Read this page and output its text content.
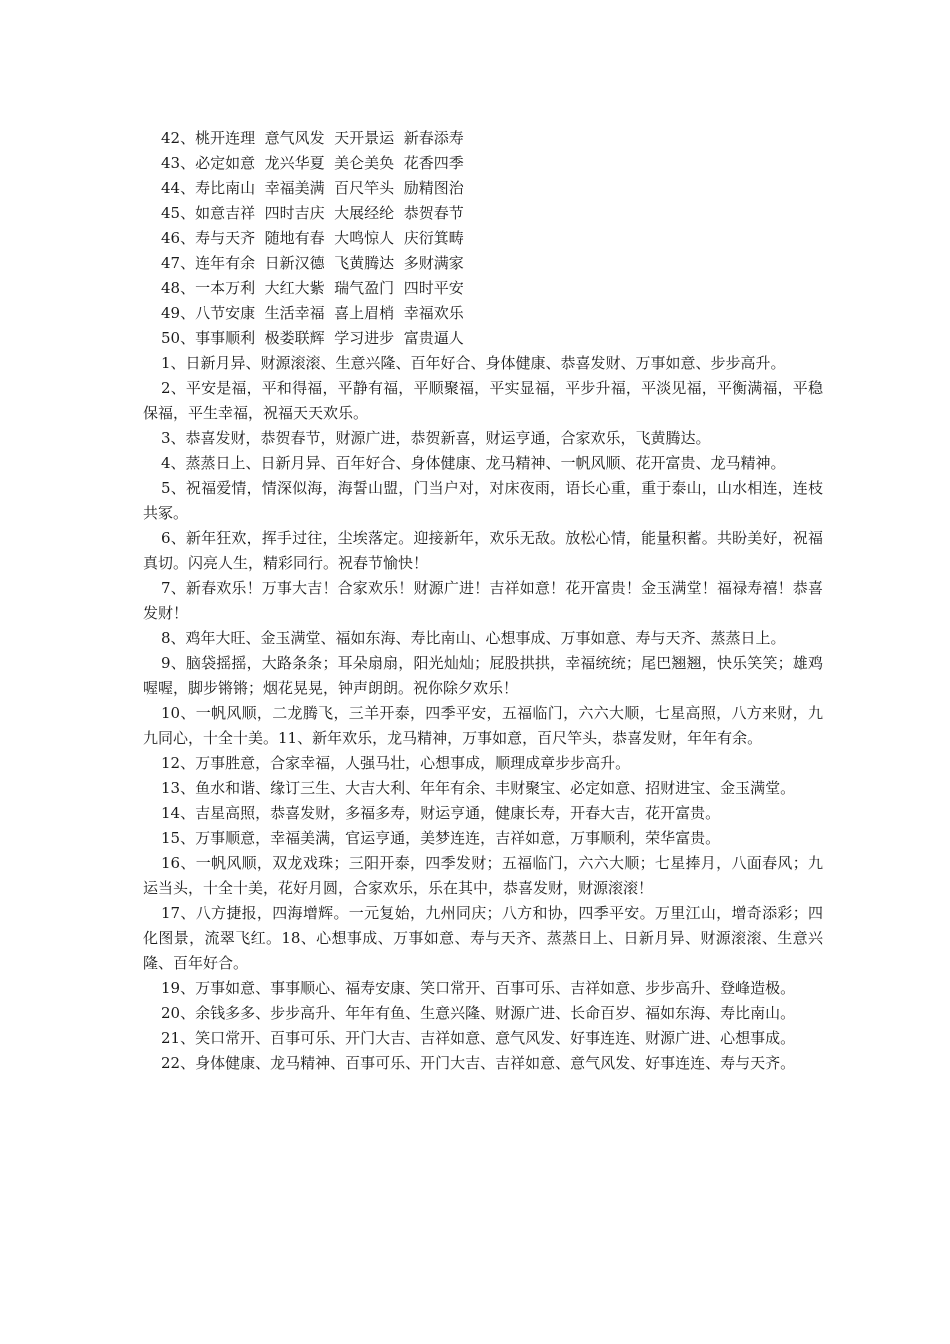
42、桃开连理  意气风发  天开景运  新春添寿
43、必定如意  龙兴华夏  美仑美奂  花香四季
44、寿比南山  幸福美满  百尺竿头  励精图治
45、如意吉祥  四时吉庆  大展经纶  恭贺春节
46、寿与天齐  随地有春  大鸣惊人  庆衍箕畴
47、连年有余  日新汉德  飞黄腾达  多财满家
48、一本万利  大红大紫  瑞气盈门  四时平安
49、八节安康  生活幸福  喜上眉梢  幸福欢乐
50、事事顺利  极娄联辉  学习进步  富贵逼人

1、日新月异、财源滚滚、生意兴隆、百年好合、身体健康、恭喜发财、万事如意、步步高升。

2、平安是福，平和得福，平静有福，平顺聚福，平实显福，平步升福，平淡见福，平衡满福，平稳保福，平生幸福，祝福天天欢乐。

3、恭喜发财，恭贺春节，财源广进，恭贺新喜，财运亨通，合家欢乐，飞黄腾达。

4、蒸蒸日上、日新月异、百年好合、身体健康、龙马精神、一帆风顺、花开富贵、龙马精神。

5、祝福爱情，情深似海，海誓山盟，门当户对，对床夜雨，语长心重，重于泰山，山水相连，连枝共冢。

6、新年狂欢，挥手过往，尘埃落定。迎接新年，欢乐无敌。放松心情，能量积蓄。共盼美好，祝福真切。闪亮人生，精彩同行。祝春节愉快！

7、新春欢乐！万事大吉！合家欢乐！财源广进！吉祥如意！花开富贵！金玉满堂！福禄寿禧！恭喜发财！

8、鸡年大旺、金玉满堂、福如东海、寿比南山、心想事成、万事如意、寿与天齐、蒸蒸日上。

9、脑袋摇摇，大路条条；耳朵扇扇，阳光灿灿；屁股拱拱，幸福统统；尾巴翘翘，快乐笑笑；雄鸡喔喔，脚步锵锵；烟花晃晃，钟声朗朗。祝你除夕欢乐！

10、一帆风顺，二龙腾飞，三羊开泰，四季平安，五福临门，六六大顺，七星高照，八方来财，九九同心，十全十美。11、新年欢乐，龙马精神，万事如意，百尺竿头，恭喜发财，年年有余。

12、万事胜意，合家幸福，人强马壮，心想事成，顺理成章步步高升。

13、鱼水和谐、缘订三生、大吉大利、年年有余、丰财聚宝、必定如意、招财进宝、金玉满堂。

14、吉星高照，恭喜发财，多福多寿，财运亨通，健康长寿，开春大吉，花开富贵。

15、万事顺意，幸福美满，官运亨通，美梦连连，吉祥如意，万事顺利，荣华富贵。

16、一帆风顺，双龙戏珠；三阳开泰，四季发财；五福临门，六六大顺；七星捧月，八面春风；九运当头，十全十美，花好月圆，合家欢乐，乐在其中，恭喜发财，财源滚滚！

17、八方捷报，四海增辉。一元复始，九州同庆；八方和协，四季平安。万里江山，增奇添彩；四化图景，流翠飞红。18、心想事成、万事如意、寿与天齐、蒸蒸日上、日新月异、财源滚滚、生意兴隆、百年好合。

19、万事如意、事事顺心、福寿安康、笑口常开、百事可乐、吉祥如意、步步高升、登峰造极。

20、余钱多多、步步高升、年年有鱼、生意兴隆、财源广进、长命百岁、福如东海、寿比南山。

21、笑口常开、百事可乐、开门大吉、吉祥如意、意气风发、好事连连、财源广进、心想事成。

22、身体健康、龙马精神、百事可乐、开门大吉、吉祥如意、意气风发、好事连连、寿与天齐。
